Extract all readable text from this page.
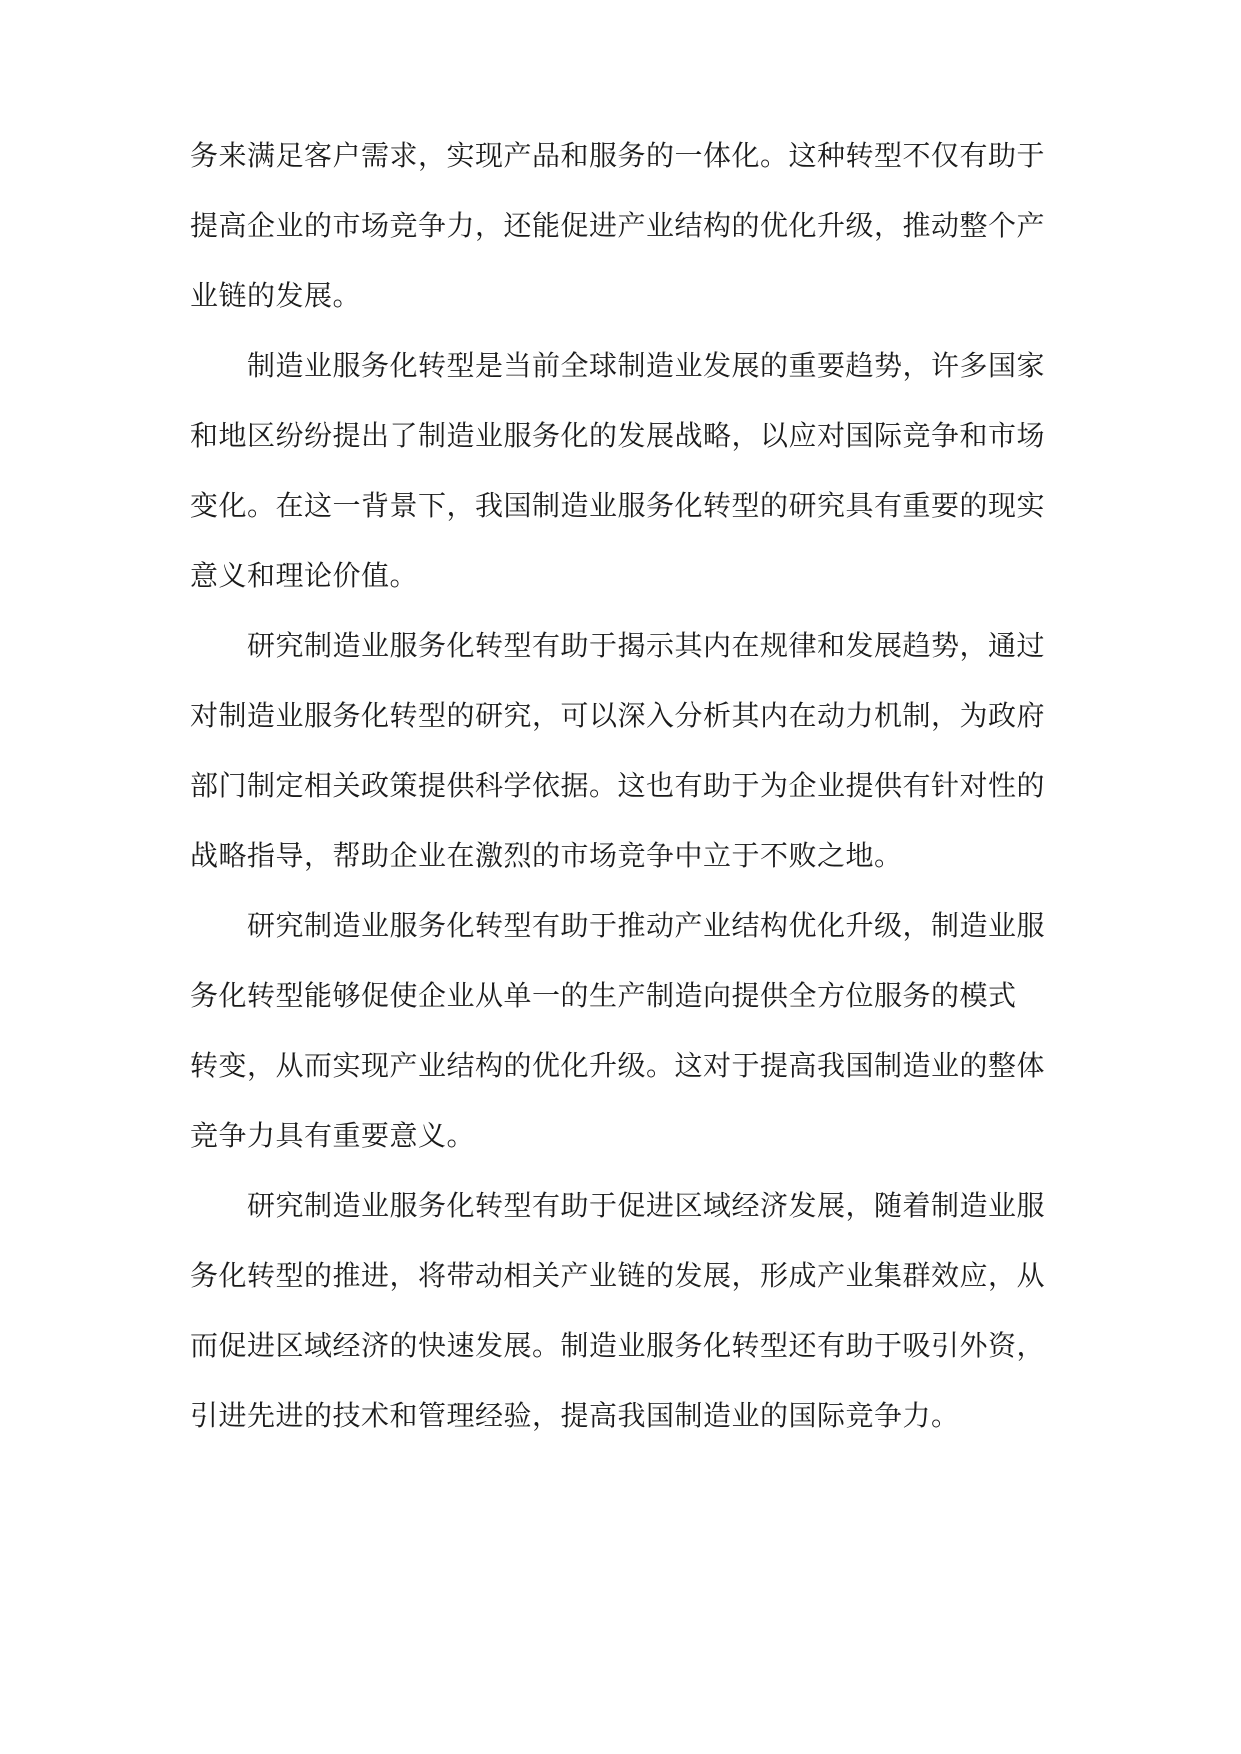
务来满足客户需求，实现产品和服务的一体化。这种转型不仅有助于
提高企业的市场竞争力，还能促进产业结构的优化升级，推动整个产
业链的发展。
制造业服务化转型是当前全球制造业发展的重要趋势，许多国家
和地区纷纷提出了制造业服务化的发展战略，以应对国际竞争和市场
变化。在这一背景下，我国制造业服务化转型的研究具有重要的现实
意义和理论价值。
研究制造业服务化转型有助于揭示其内在规律和发展趋势，通过
对制造业服务化转型的研究，可以深入分析其内在动力机制，为政府
部门制定相关政策提供科学依据。这也有助于为企业提供有针对性的
战略指导，帮助企业在激烈的市场竞争中立于不败之地。
研究制造业服务化转型有助于推动产业结构优化升级，制造业服
务化转型能够促使企业从单一的生产制造向提供全方位服务的模式
转变，从而实现产业结构的优化升级。这对于提高我国制造业的整体
竞争力具有重要意义。
研究制造业服务化转型有助于促进区域经济发展，随着制造业服
务化转型的推进，将带动相关产业链的发展，形成产业集群效应，从
而促进区域经济的快速发展。制造业服务化转型还有助于吸引外资，
引进先进的技术和管理经验，提高我国制造业的国际竞争力。
